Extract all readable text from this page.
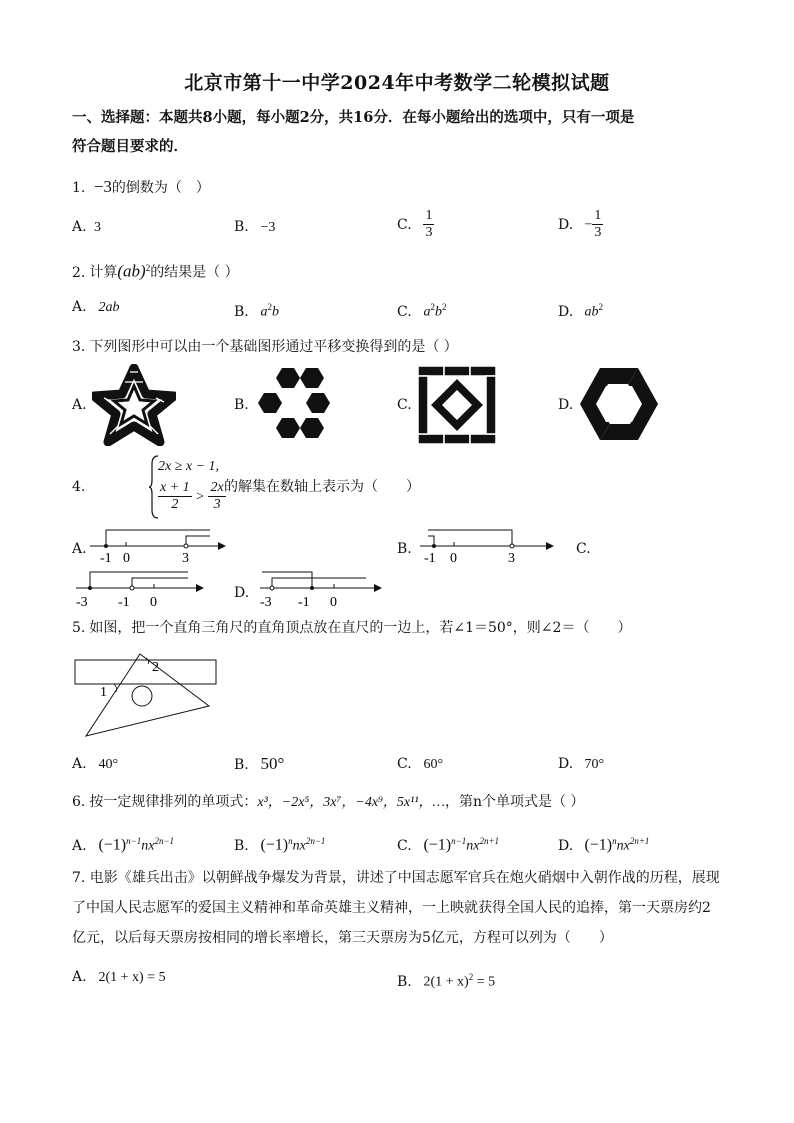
北京市第十一中学2024年中考数学二轮模拟试题
一、选择题：本题共8小题，每小题2分，共16分．在每小题给出的选项中，只有一项是
符合题目要求的．
1. −3的倒数为（　）
A. 3	B. −3	C. $\frac{1}{3}$	D. − $\frac{1}{3}$
2. 计算(ab)$^2$的结果是（ ）
A. 2ab	B. $a^2b$	C. $a^2b^2$	D. $ab^2$
3. 下列图形中可以由一个基础图形通过平移变换得到的是（ ）
A.	B.	C.	D.
4.
2x ≥ x − 1,
$\frac{x + 1}{2} > \frac{2x}{3}$
的解集在数轴上表示为（　　）
A.
-1 0	3
B.
-1 0	3
C.
-3 -1 0
D.
-3 -1 0
5. 如图，把一个直角三角尺的直角顶点放在直尺的一边上，若∠1＝50°，则∠2＝（　　）
2
1
A. 40°	B. 50°	C. 60°	D. 70°
6. 按一定规律排列的单项式：x³，−2x⁵，3x⁷，−4x⁹，5x¹¹，…，第n个单项式是（ ）
A. $(-1)^{n-1}nx^{2n-1}$	B. $(-1)^nnx^{2n-1}$	C. $(-1)^{n-1}nx^{2n+1}$	D. $(-1)^nnx^{2n+1}$
7. 电影《雄兵出击》以朝鲜战争爆发为背景，讲述了中国志愿军官兵在炮火硝烟中入朝作战的历程，展现
了中国人民志愿军的爱国主义精神和革命英雄主义精神，一上映就获得全国人民的追捧，第一天票房约2
亿元，以后每天票房按相同的增长率增长，第三天票房为5亿元，方程可以列为（　　）
A. 2(1 + x) = 5	B. $2(1 + x)^2 = 5$
